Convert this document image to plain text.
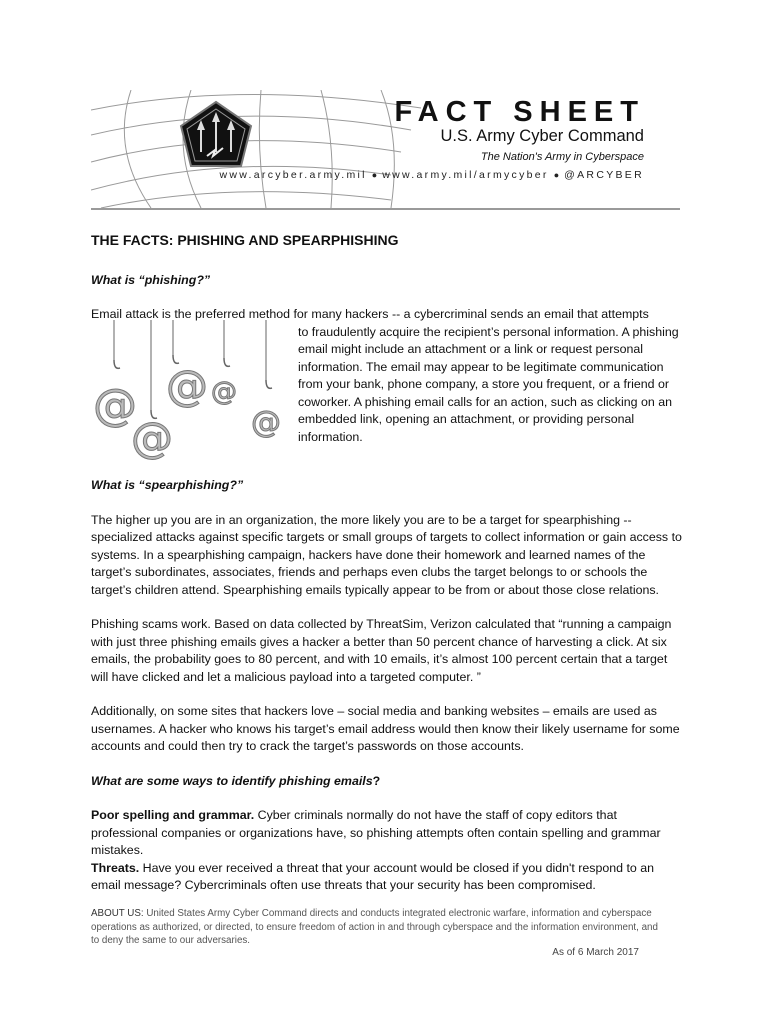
FACT SHEET
U.S. Army Cyber Command
The Nation's Army in Cyberspace
www.arcyber.army.mil ● www.army.mil/armycyber ● @ARCYBER
THE FACTS: PHISHING AND SPEARPHISHING

What is “phishing?”

Email attack is the preferred method for many hackers -- a cybercriminal sends an email that attempts
@
@
@ @
@
to fraudulently acquire the recipient’s personal information. A phishing email might include an attachment or a link or request personal information. The email may appear to be legitimate communication from your bank, phone company, a store you frequent, or a friend or coworker. A phishing email calls for an action, such as clicking on an embedded link, opening an attachment, or providing personal information.

What is “spearphishing?”

The higher up you are in an organization, the more likely you are to be a target for spearphishing -- specialized attacks against specific targets or small groups of targets to collect information or gain access to systems. In a spearphishing campaign, hackers have done their homework and learned names of the target’s subordinates, associates, friends and perhaps even clubs the target belongs to or schools the target’s children attend. Spearphishing emails typically appear to be from or about those close relations.

Phishing scams work. Based on data collected by ThreatSim, Verizon calculated that “running a campaign with just three phishing emails gives a hacker a better than 50 percent chance of harvesting a click. At six emails, the probability goes to 80 percent, and with 10 emails, it’s almost 100 percent certain that a target will have clicked and let a malicious payload into a targeted computer. ”

Additionally, on some sites that hackers love – social media and banking websites – emails are used as usernames. A hacker who knows his target’s email address would then know their likely username for some accounts and could then try to crack the target’s passwords on those accounts.

What are some ways to identify phishing emails?

Poor spelling and grammar. Cyber criminals normally do not have the staff of copy editors that professional companies or organizations have, so phishing attempts often contain spelling and grammar mistakes.

Threats. Have you ever received a threat that your account would be closed if you didn't respond to an email message? Cybercriminals often use threats that your security has been compromised.

ABOUT US: United States Army Cyber Command directs and conducts integrated electronic warfare, information and cyberspace operations as authorized, or directed, to ensure freedom of action in and through cyberspace and the information environment, and to deny the same to our adversaries.
As of 6 March 2017
